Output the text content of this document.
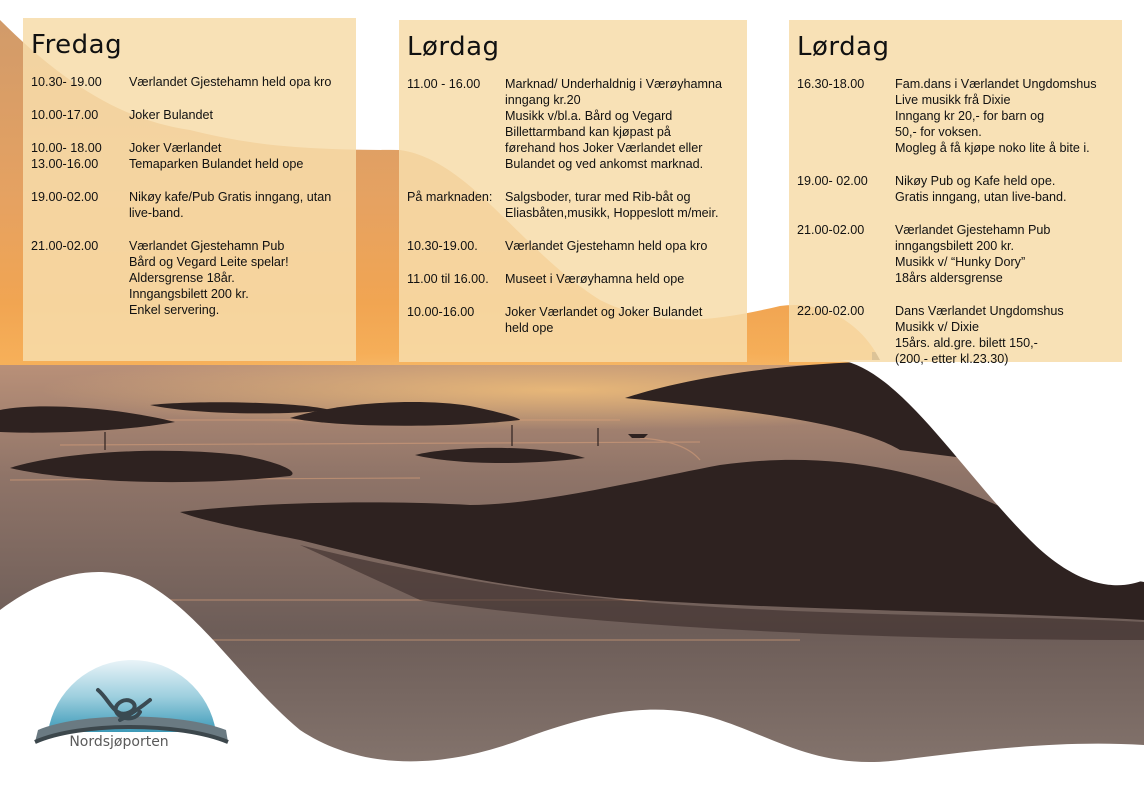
Fredag
10.30- 19.00 Værlandet Gjestehamn held opa kro
10.00-17.00 Joker Bulandet
10.00- 18.00 Joker Værlandet
13.00-16.00 Temaparken Bulandet held ope
19.00-02.00 Nikøy kafe/Pub Gratis inngang, utan
live-band.
21.00-02.00 Værlandet Gjestehamn Pub
Bård og Vegard Leite spelar!
Aldersgrense 18år.
Inngangsbilett 200 kr.
Enkel servering.
Lørdag
11.00 - 16.00 Marknad/ Underhaldnig i Værøyhamna
inngang kr.20
Musikk v/bl.a. Bård og Vegard
Billettarmband kan kjøpast på
førehand hos Joker Værlandet eller
Bulandet og ved ankomst marknad.
På marknaden: Salgsboder, turar med Rib-båt og
Eliasbåten,musikk, Hoppeslott m/meir.
10.30-19.00. Værlandet Gjestehamn held opa kro
11.00 til 16.00. Museet i Værøyhamna held ope
10.00-16.00 Joker Værlandet og Joker Bulandet
held ope
Lørdag
16.30-18.00 Fam.dans i Værlandet Ungdomshus
Live musikk frå Dixie
Inngang kr 20,- for barn og
50,- for voksen.
Mogleg å få kjøpe noko lite å bite i.
19.00- 02.00 Nikøy Pub og Kafe held ope.
Gratis inngang, utan live-band.
21.00-02.00 Værlandet Gjestehamn Pub
inngangsbilett 200 kr.
Musikk v/ “Hunky Dory”
18års aldersgrense
22.00-02.00 Dans Værlandet Ungdomshus
Musikk v/ Dixie
15års. ald.gre. bilett 150,-
(200,- etter kl.23.30)
Nordsjøporten
